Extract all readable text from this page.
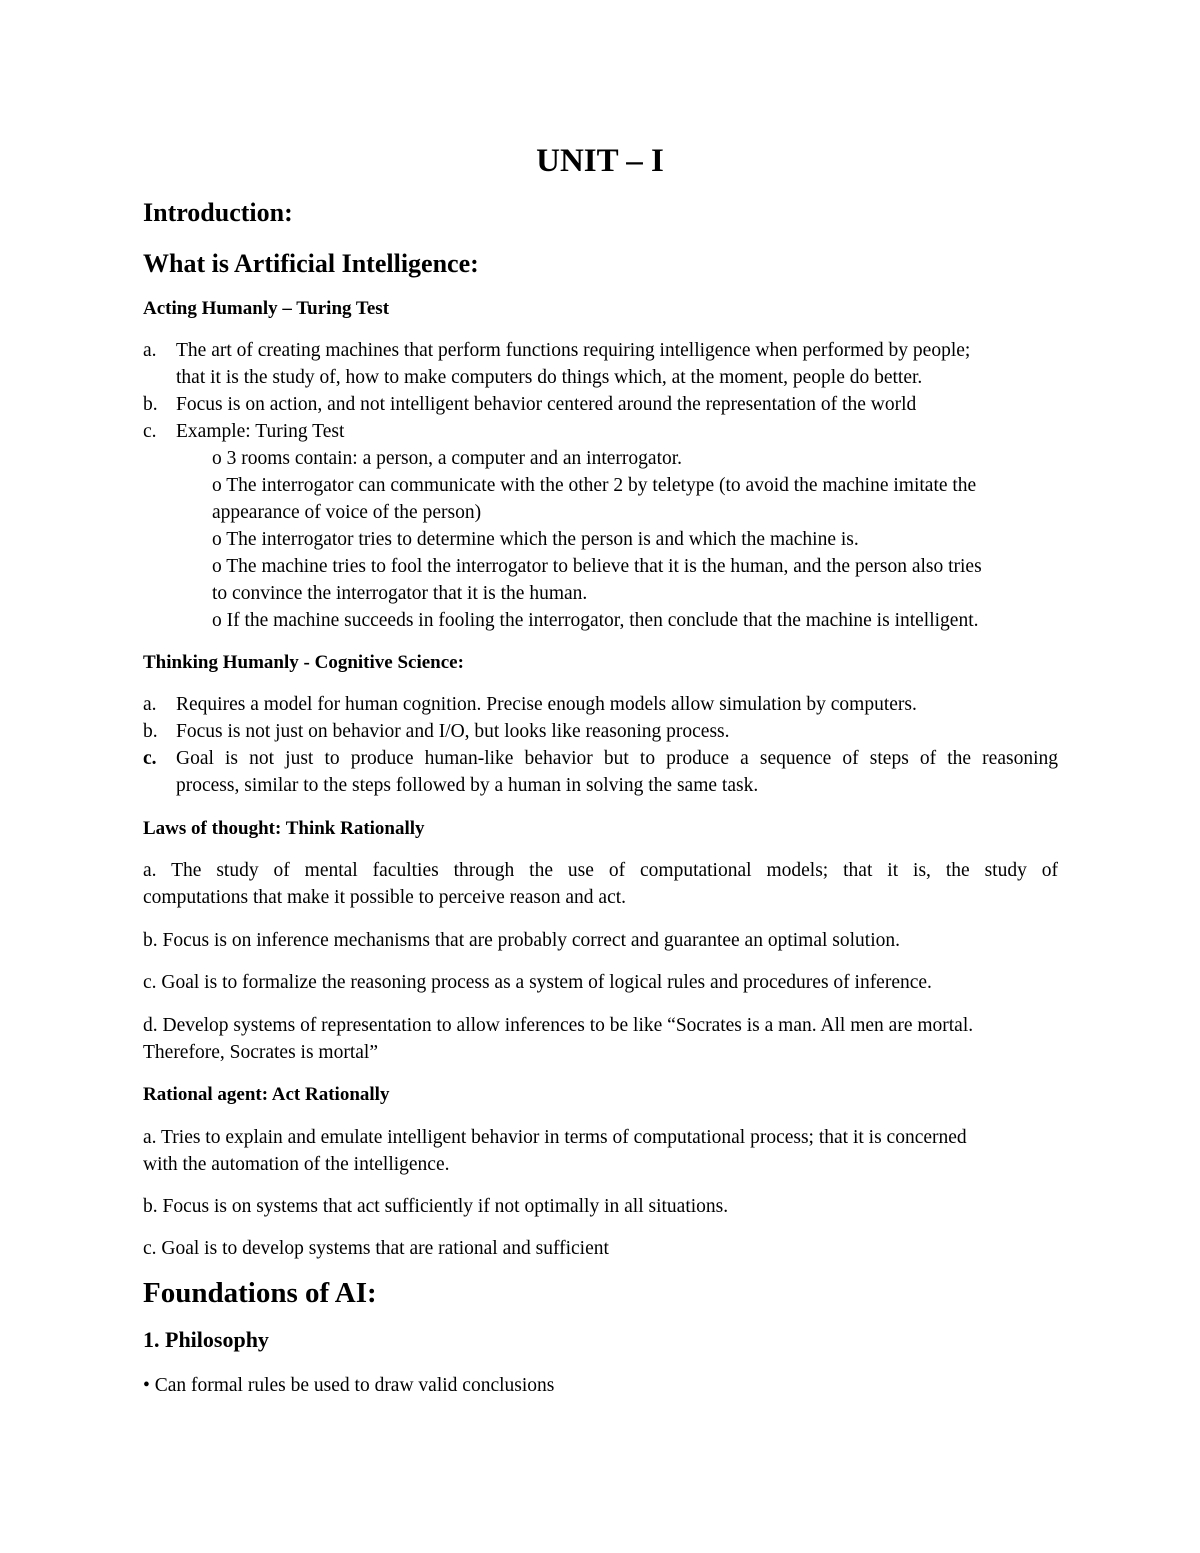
UNIT – I
Introduction:
What is Artificial Intelligence:
Acting Humanly – Turing Test
a. The art of creating machines that perform functions requiring intelligence when performed by people;

that it is the study of, how to make computers do things which, at the moment, people do better.

b. Focus is on action, and not intelligent behavior centered around the representation of the world

c. Example: Turing Test

o 3 rooms contain: a person, a computer and an interrogator.

o The interrogator can communicate with the other 2 by teletype (to avoid the machine imitate the

appearance of voice of the person)

o The interrogator tries to determine which the person is and which the machine is.

o The machine tries to fool the interrogator to believe that it is the human, and the person also tries

to convince the interrogator that it is the human.

o If the machine succeeds in fooling the interrogator, then conclude that the machine is intelligent.

Thinking Humanly - Cognitive Science:
a. Requires a model for human cognition. Precise enough models allow simulation by computers.

b. Focus is not just on behavior and I/O, but looks like reasoning process.

c. Goal is not just to produce human-like behavior but to produce a sequence of steps of the reasoning

process, similar to the steps followed by a human in solving the same task.

Laws of thought: Think Rationally

a. The study of mental faculties through the use of computational models; that it is, the study of

computations that make it possible to perceive reason and act.

b. Focus is on inference mechanisms that are probably correct and guarantee an optimal solution.

c. Goal is to formalize the reasoning process as a system of logical rules and procedures of inference.

d. Develop systems of representation to allow inferences to be like “Socrates is a man. All men are mortal.

Therefore, Socrates is mortal”

Rational agent: Act Rationally

a. Tries to explain and emulate intelligent behavior in terms of computational process; that it is concerned

with the automation of the intelligence.

b. Focus is on systems that act sufficiently if not optimally in all situations.

c. Goal is to develop systems that are rational and sufficient

Foundations of AI:
1. Philosophy

• Can formal rules be used to draw valid conclusions
